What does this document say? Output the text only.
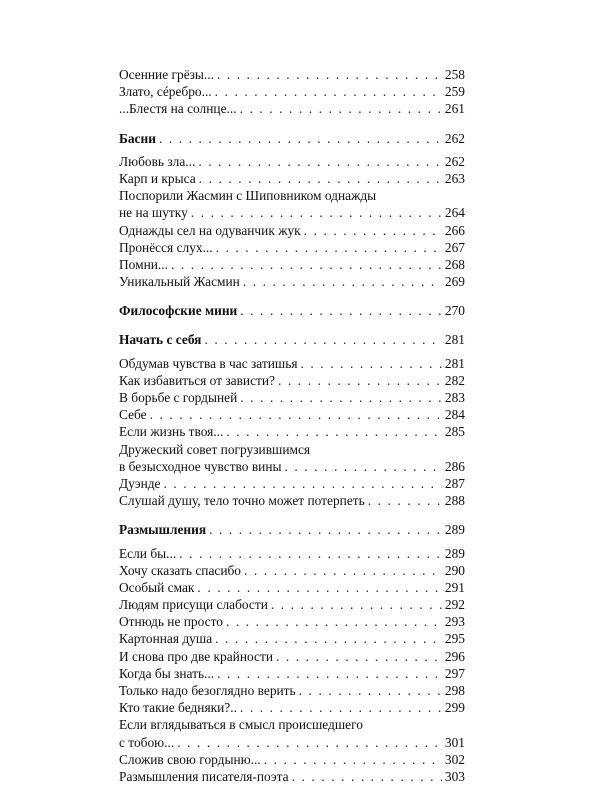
Осенние грёзы... . . .	258
Злато, сéребро... . . .	259
...Блестя на солнце... . . .	261
Басни . . .	262
Любовь зла... . . .	262
Карп и крыса . . .	263
Поспорили Жасмин с Шиповником однажды
не на шутку . . .	264
Однажды сел на одуванчик жук . . .	266
Пронёсся слух... . . .	267
Помни... . . .	268
Уникальный Жасмин . . .	269
Философские мини . . .	270
Начать с себя . . .	281
Обдумав чувства в час затишья . . .	281
Как избавиться от зависти? . . .	282
В борьбе с гордыней . . .	283
Себе . . .	284
Если жизнь твоя... . . .	285
Дружеский совет погрузившимся
в безысходное чувство вины . . .	286
Дуэнде . . .	287
Слушай душу, тело точно может потерпеть . . .	288
Размышления . . .	289
Если бы... . . .	289
Хочу сказать спасибо . . .	290
Особый смак . . .	291
Людям присущи слабости . . .	292
Отнюдь не просто . . .	293
Картонная душа . . .	295
И снова про две крайности . . .	296
Когда бы знать... . . .	297
Только надо безоглядно верить . . .	298
Кто такие бедняки?.. . . .	299
Если вглядываться в смысл происшедшего
с тобою... . . .	301
Сложив свою гордыню... . . .	302
Размышления писателя-поэта . . .	303
